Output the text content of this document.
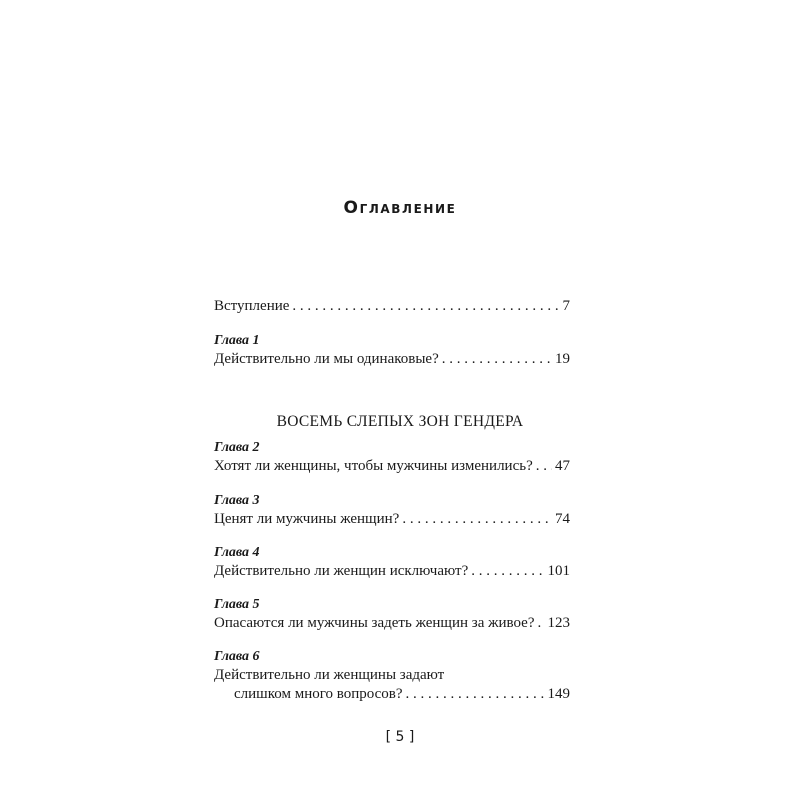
Оглавление
Вступление . . .	7
Глава 1
Действительно ли мы одинаковые? . . .	19
Глава 2
Хотят ли женщины, чтобы мужчины изменились? . . . 47
Глава 3
Ценят ли мужчины женщин? . . .	74
Глава 4
Действительно ли женщин исключают? . . .	101
Глава 5
Опасаются ли мужчины задеть женщин за живое? . . . 123
Глава 6
Действительно ли женщины задают
слишком много вопросов? . . .	149
ВОСЕМЬ СЛЕПЫХ ЗОН ГЕНДЕРА
[ 5 ]
